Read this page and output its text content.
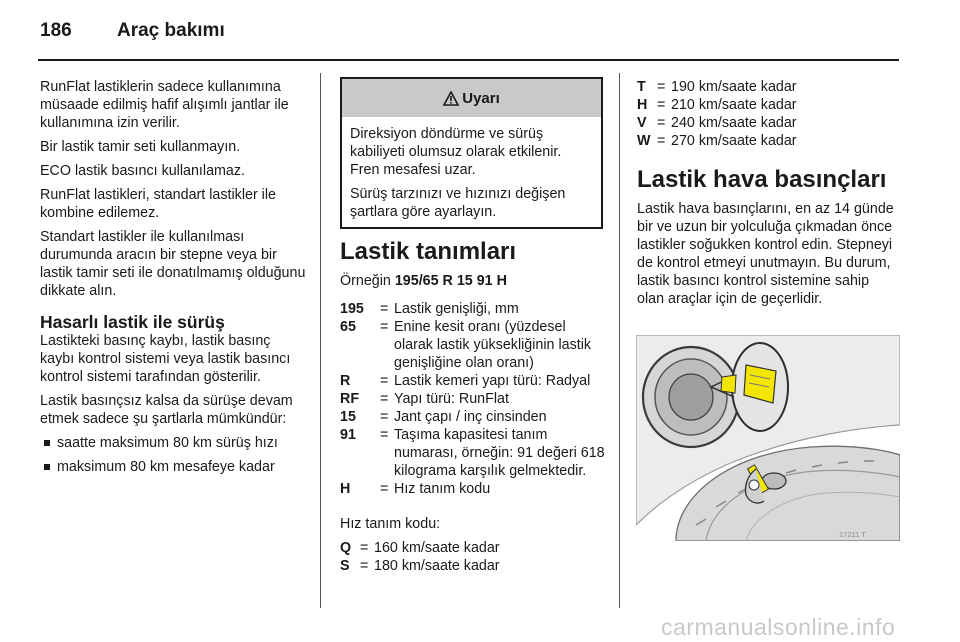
186 Araç bakımı

RunFlat lastiklerin sadece kullanımına müsaade edilmiş hafif alışımlı jantlar ile kullanımına izin verilir.

Bir lastik tamir seti kullanmayın.

ECO lastik basıncı kullanılamaz.

RunFlat lastikleri, standart lastikler ile kombine edilemez.

Standart lastikler ile kullanılması durumunda aracın bir stepne veya bir lastik tamir seti ile donatılmamış olduğunu dikkate alın.

Hasarlı lastik ile sürüş

Lastikteki basınç kaybı, lastik basınç kaybı kontrol sistemi veya lastik basıncı kontrol sistemi tarafından gösterilir.

Lastik basınçsız kalsa da sürüşe devam etmek sadece şu şartlarla mümkündür:

saatte maksimum 80 km sürüş hızı
maksimum 80 km mesafeye kadar
Uyarı

Direksiyon döndürme ve sürüş kabiliyeti olumsuz olarak etkilenir. Fren mesafesi uzar.

Sürüş tarzınızı ve hızınızı değişen şartlara göre ayarlayın.

Lastik tanımları

Örneğin 195/65 R 15 91 H

195	= Lastik genişliği, mm
65	= Enine kesit oranı (yüzdesel olarak lastik yüksekliğinin lastik genişliğine olan oranı)
R	= Lastik kemeri yapı türü: Radyal
RF	= Yapı türü: RunFlat
15	= Jant çapı / inç cinsinden
91	= Taşıma kapasitesi tanım numarası, örneğin: 91 değeri 618 kilograma karşılık gelmektedir.
H	= Hız tanım kodu

Hız tanım kodu:

Q = 160 km/saate kadar
S = 180 km/saate kadar
T = 190 km/saate kadar
H = 210 km/saate kadar
V = 240 km/saate kadar
W = 270 km/saate kadar
Lastik hava basınçları

Lastik hava basınçlarını, en az 14 günde bir ve uzun bir yolculuğa çıkmadan önce lastikler soğukken kontrol edin. Stepneyi de kontrol etmeyi unutmayın. Bu durum, lastik basıncı kontrol sistemine sahip olan araçlar için de geçerlidir.

17211 T
carmanualsonline.info
